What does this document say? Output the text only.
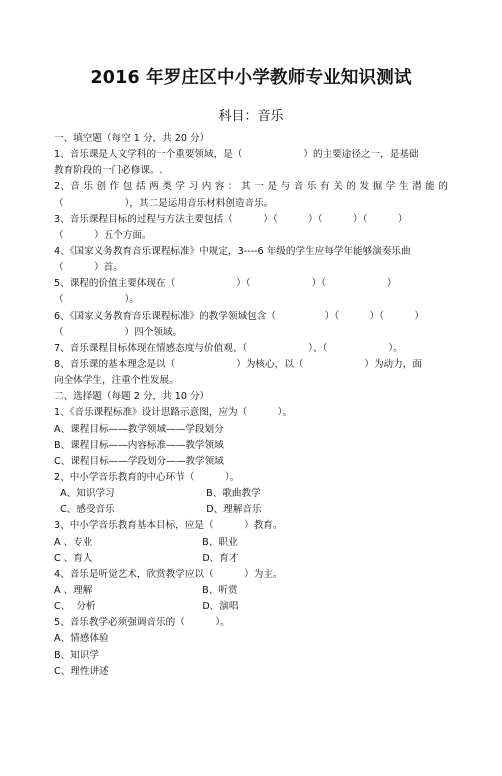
2016 年罗庄区中小学教师专业知识测试
科目：音乐
一、填空题（每空 1 分，共 20 分）
1、音乐课是人文学科的一个重要领域，是（                    ）的主要途径之一，是基础
教育阶段的一门必修课。.
2、音 乐 创 作 包 括 两 类 学 习 内 容 ： 其 一 是 与 音 乐 有 关 的 发 掘 学 生 潜 能 的
（                    ），其二是运用音乐材料创造音乐。
3、音乐课程目标的过程与方法主要包括（          ）（          ）（          ）（          ）
（          ）五个方面。
4、《国家义务教育音乐课程标准》中规定，3----6 年级的学生应每学年能够演奏乐曲
（          ）首。
5、课程的价值主要体现在（                    ）（                    ）（                    ）
（                    ）。
6、《国家义务教育音乐课程标准》的教学领域包含（                ）（          ）（          ）
（                    ）四个领域。
7、音乐课程目标体现在情感态度与价值观、（                    ）、（                    ）。
8、音乐课的基本理念是以（                    ）为核心，以（                    ）为动力，面
向全体学生，注重个性发展。
二、选择题（每题 2 分，共 10 分）
1、《音乐课程标准》设计思路示意图，应为（          ）。
A、课程目标——教学领域——学段划分
B、课程目标——内容标准——教学领域
C、课程目标——学段划分——教学领域
2、中小学音乐教育的中心环节（          ）。
A、知识学习                              B、歌曲教学
C、感受音乐                              D、理解音乐
3、中小学音乐教育基本目标，应是（          ）教育。
A 、专业                                    B、职业
C 、育人                                    D、育才
4、音乐是听觉艺术，欣赏教学应以（          ）为主。
A 、理解                                    B、听赏
C、  分析                                   D、演唱
5、音乐教学必须强调音乐的（          ）。
A、情感体验
B、知识学
C、理性讲述
